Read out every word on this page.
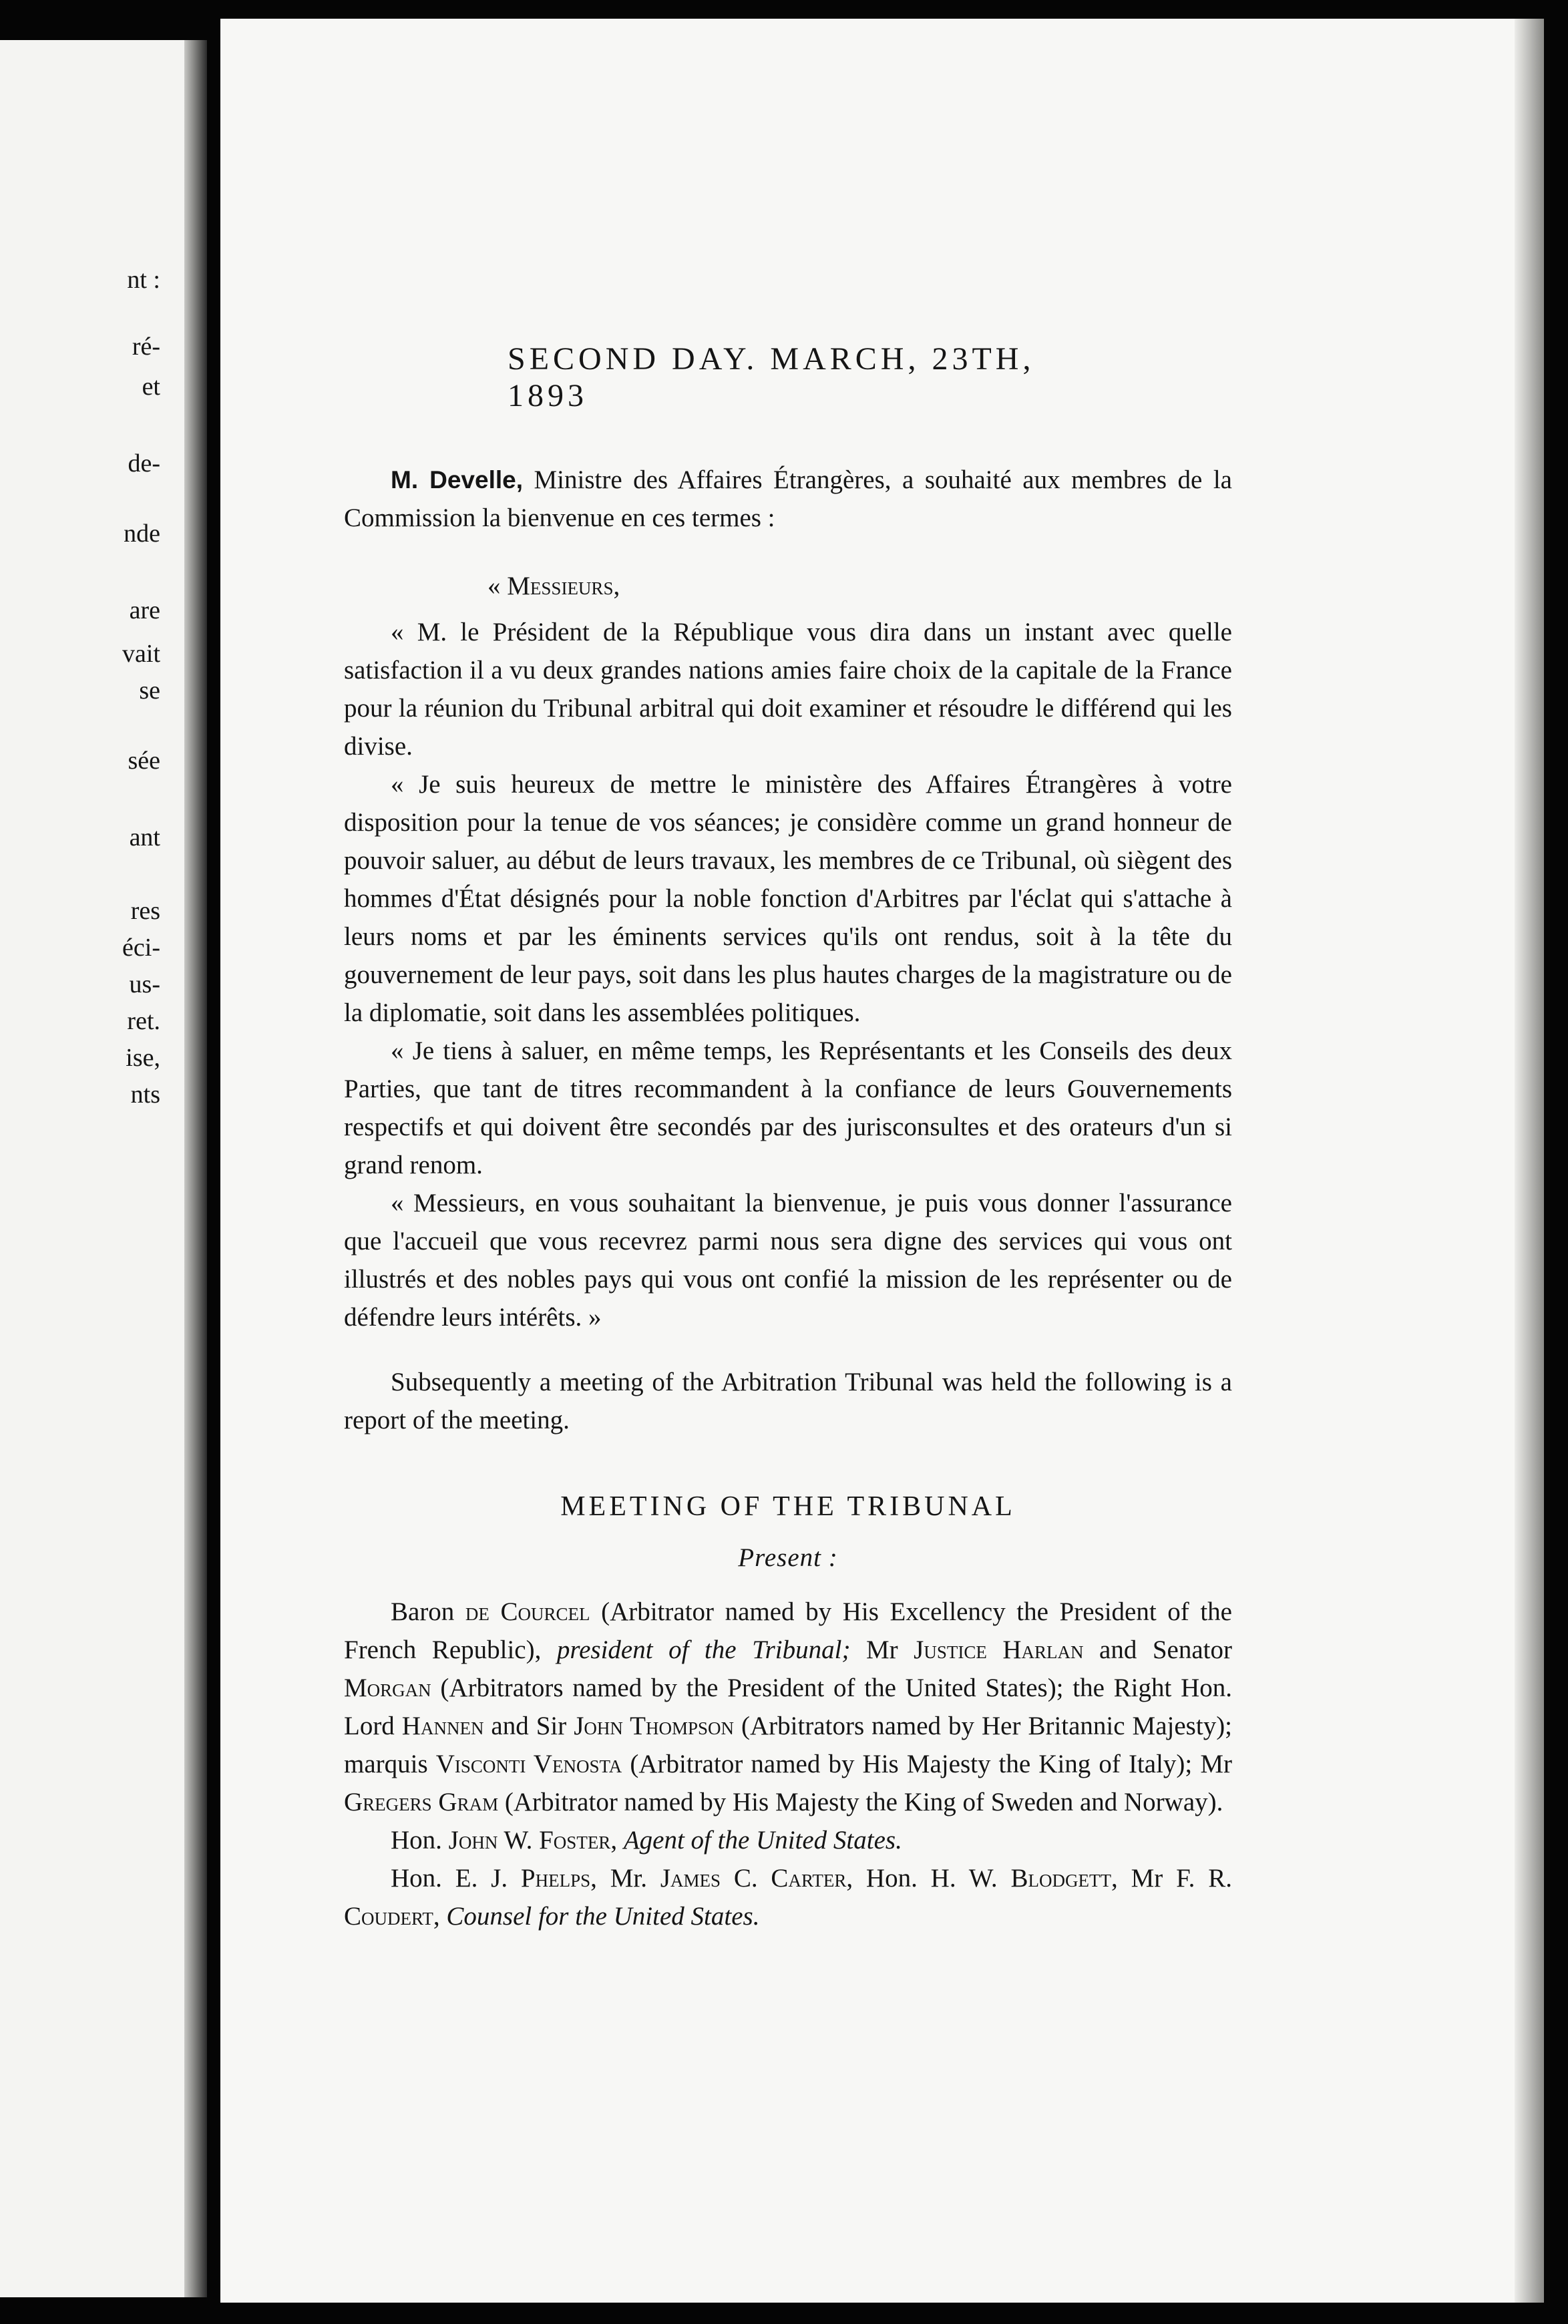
nt :
ré-
et
de-
nde
are
vait
se
sée
ant
res
éci-
us-
ret.
ise,
nts
SECOND DAY. MARCH, 23TH, 1893

M. Develle, Ministre des Affaires Étrangères, a souhaité aux membres de la Commission la bienvenue en ces termes :

« Messieurs,

« M. le Président de la République vous dira dans un instant avec quelle satisfaction il a vu deux grandes nations amies faire choix de la capitale de la France pour la réunion du Tribunal arbitral qui doit examiner et résoudre le différend qui les divise.

« Je suis heureux de mettre le ministère des Affaires Étrangères à votre disposition pour la tenue de vos séances; je considère comme un grand honneur de pouvoir saluer, au début de leurs travaux, les membres de ce Tribunal, où siègent des hommes d'État désignés pour la noble fonction d'Arbitres par l'éclat qui s'attache à leurs noms et par les éminents services qu'ils ont rendus, soit à la tête du gouvernement de leur pays, soit dans les plus hautes charges de la magistrature ou de la diplomatie, soit dans les assemblées politiques.

« Je tiens à saluer, en même temps, les Représentants et les Conseils des deux Parties, que tant de titres recommandent à la confiance de leurs Gouvernements respectifs et qui doivent être secondés par des jurisconsultes et des orateurs d'un si grand renom.

« Messieurs, en vous souhaitant la bienvenue, je puis vous donner l'assurance que l'accueil que vous recevrez parmi nous sera digne des services qui vous ont illustrés et des nobles pays qui vous ont confié la mission de les représenter ou de défendre leurs intérêts. »

Subsequently a meeting of the Arbitration Tribunal was held the following is a report of the meeting.

MEETING OF THE TRIBUNAL
Present :

Baron de Courcel (Arbitrator named by His Excellency the President of the French Republic), president of the Tribunal; Mr Justice Harlan and Senator Morgan (Arbitrators named by the President of the United States); the Right Hon. Lord Hannen and Sir John Thompson (Arbitrators named by Her Britannic Majesty); marquis Visconti Venosta (Arbitrator named by His Majesty the King of Italy); Mr Gregers Gram (Arbitrator named by His Majesty the King of Sweden and Norway).

Hon. John W. Foster, Agent of the United States.

Hon. E. J. Phelps, Mr. James C. Carter, Hon. H. W. Blodgett, Mr F. R. Coudert, Counsel for the United States.
